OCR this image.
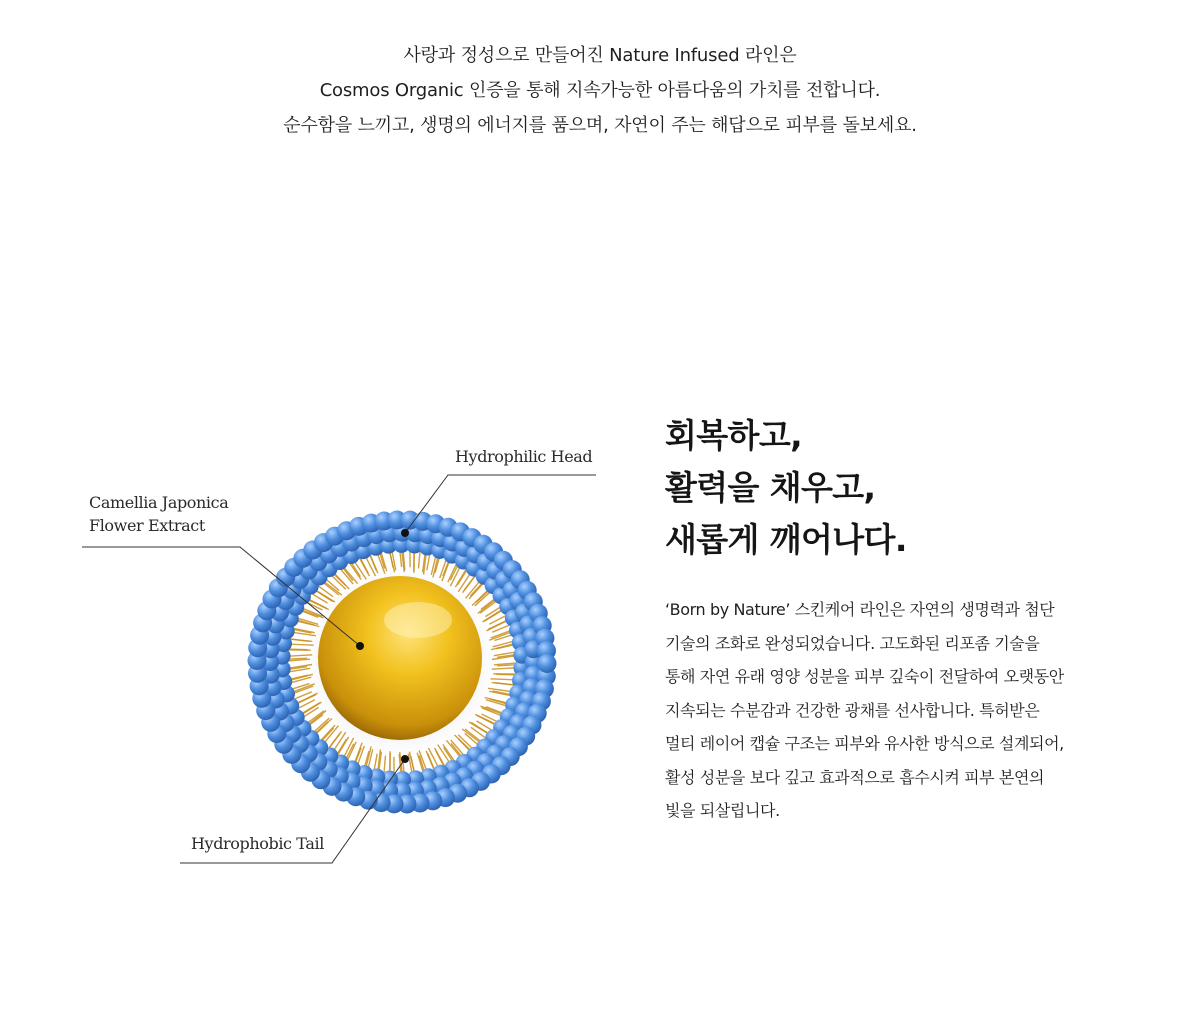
사랑과 정성으로 만들어진 Nature Infused 라인은

Cosmos Organic 인증을 통해 지속가능한 아름다움의 가치를 전합니다.

순수함을 느끼고, 생명의 에너지를 품으며, 자연이 주는 해답으로 피부를 돌보세요.

Hydrophilic Head
Camellia Japonica
Flower Extract
Hydrophobic Tail
회복하고,
활력을 채우고,
새롭게 깨어나다.

‘Born by Nature’ 스킨케어 라인은 자연의 생명력과 첨단
기술의 조화로 완성되었습니다. 고도화된 리포좀 기술을
통해 자연 유래 영양 성분을 피부 깊숙이 전달하여 오랫동안
지속되는 수분감과 건강한 광채를 선사합니다. 특허받은
멀티 레이어 캡슐 구조는 피부와 유사한 방식으로 설계되어,
활성 성분을 보다 깊고 효과적으로 흡수시켜 피부 본연의
빛을 되살립니다.
